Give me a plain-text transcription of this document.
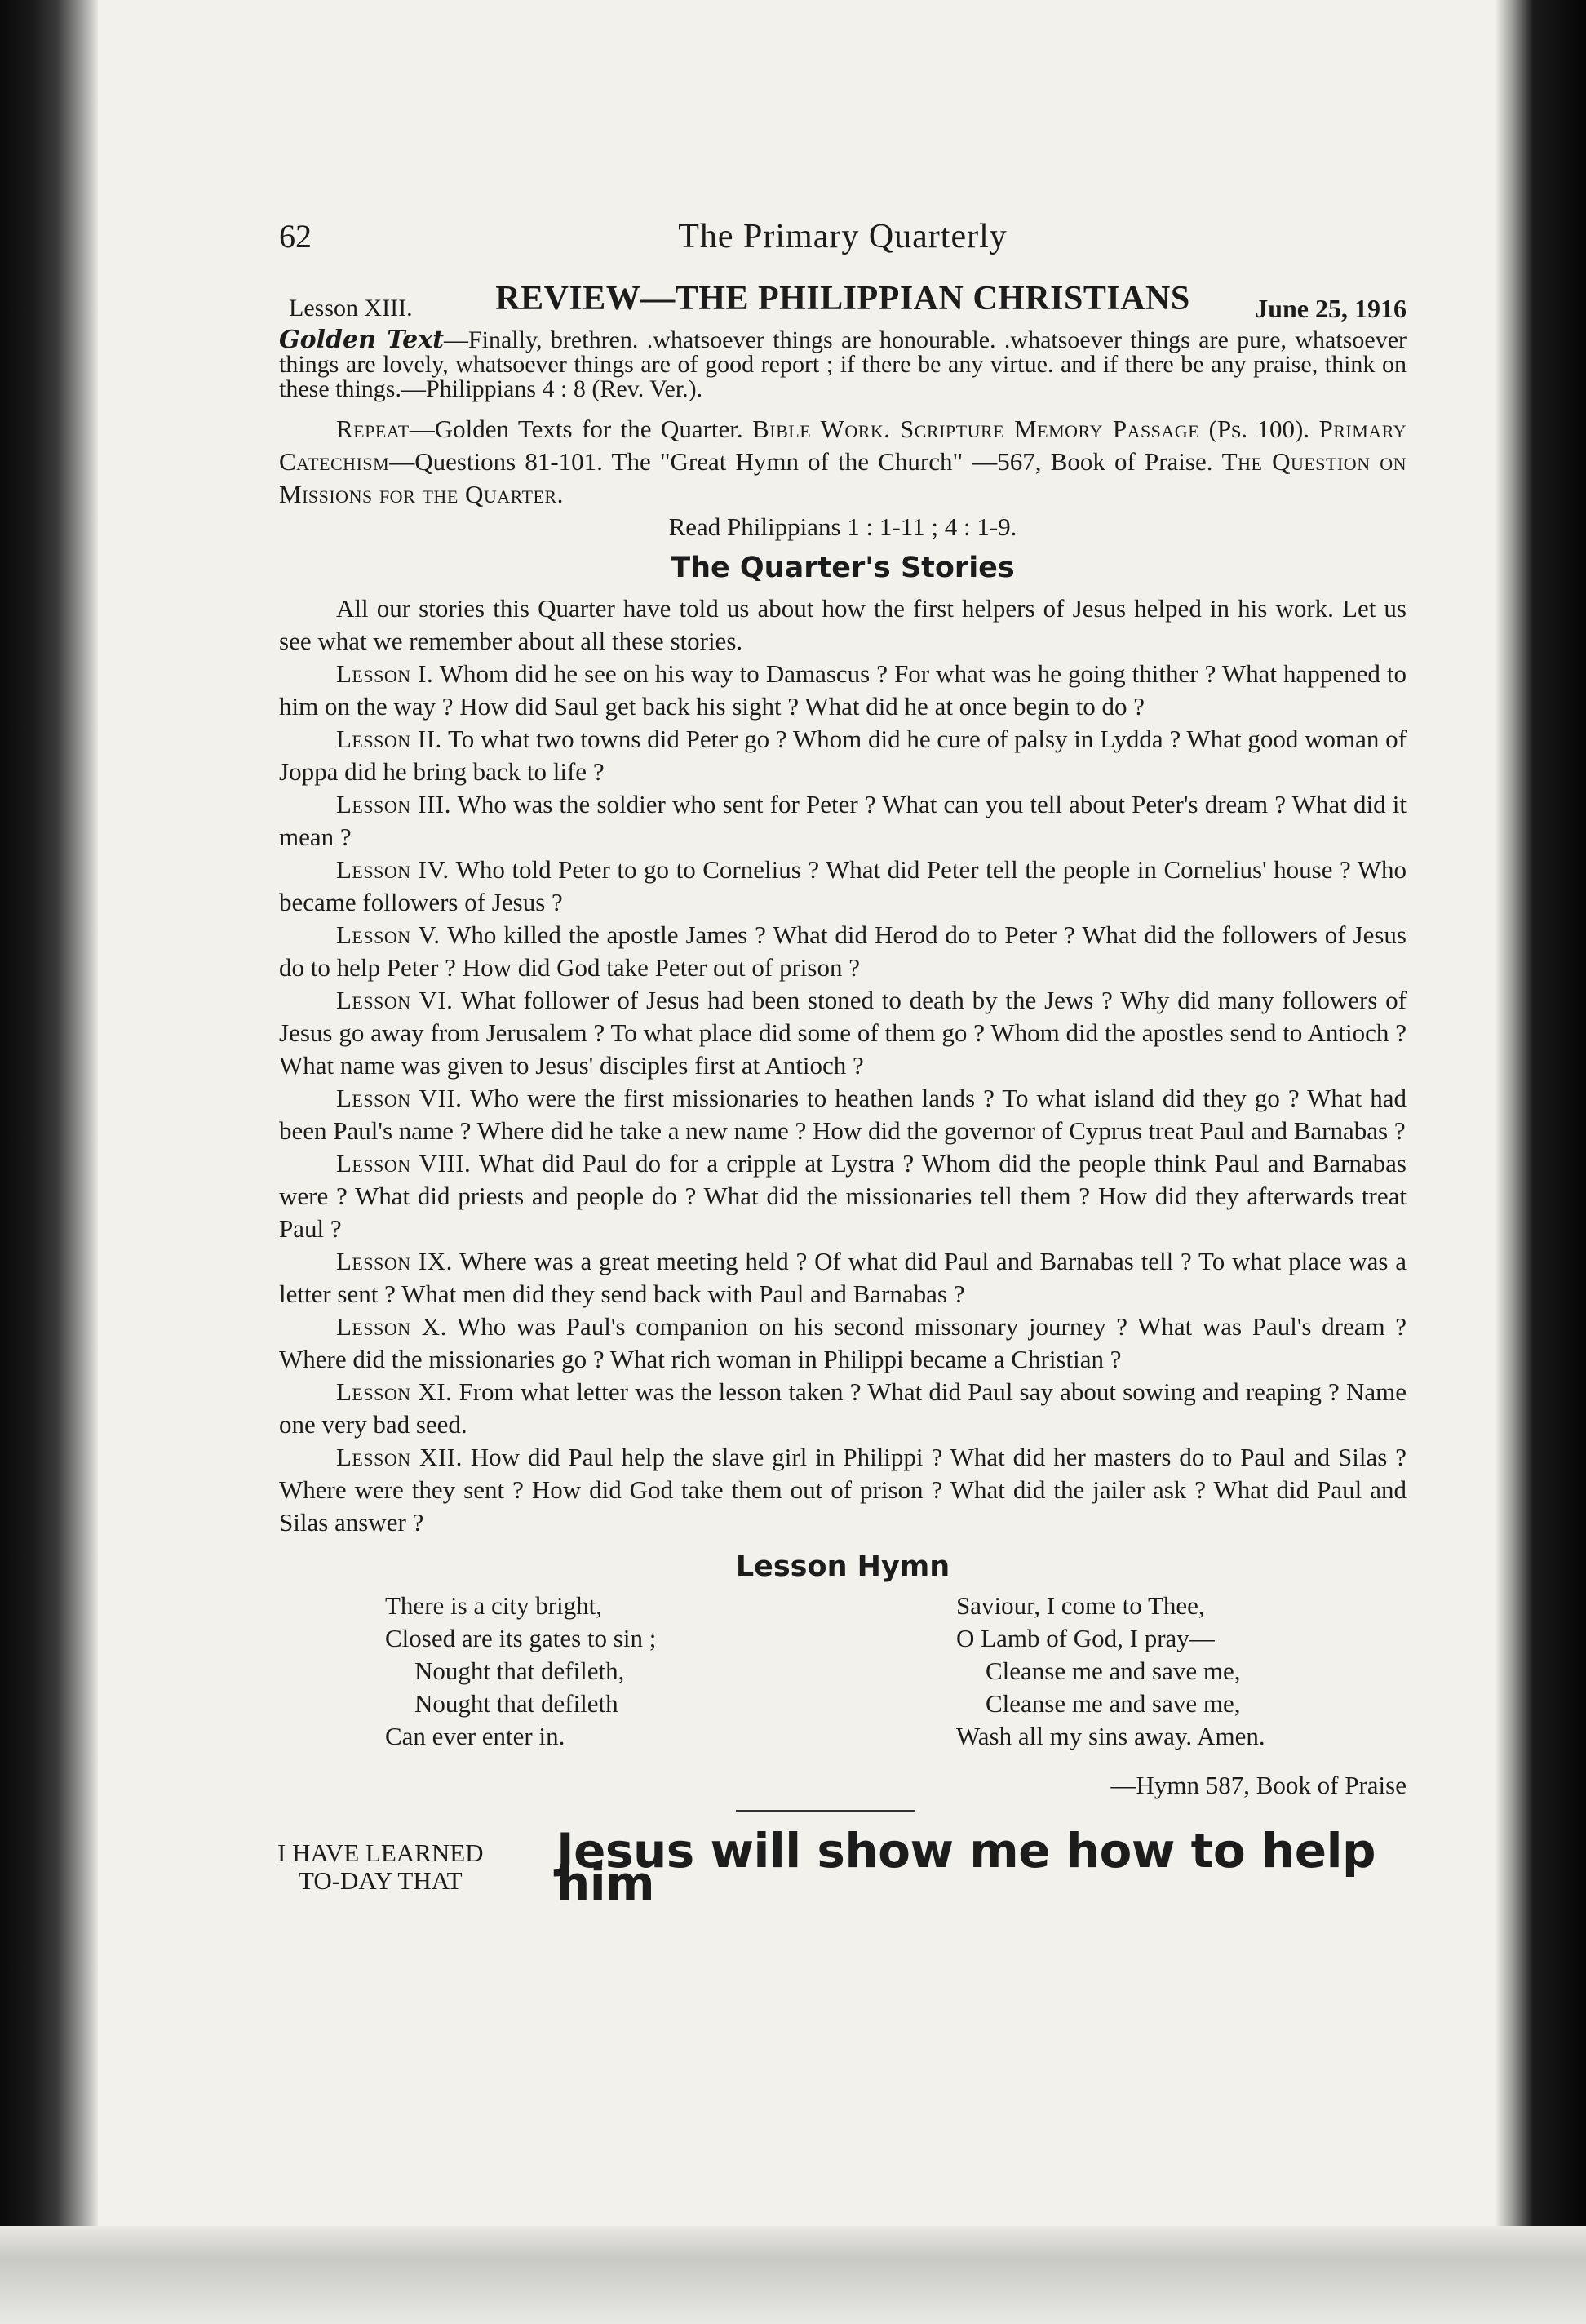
62	The Primary Quarterly
Lesson XIII.	REVIEW—THE PHILIPPIAN CHRISTIANS	June 25, 1916

Golden Text—Finally, brethren. .whatsoever things are honourable. .whatsoever things are pure, whatsoever things are lovely, whatsoever things are of good report ; if there be any virtue. and if there be any praise, think on these things.—Philippians 4 : 8 (Rev. Ver.).

Repeat—Golden Texts for the Quarter. Bible Work. Scripture Memory Passage (Ps. 100). Primary Catechism—Questions 81-101. The "Great Hymn of the Church" —567, Book of Praise. The Question on Missions for the Quarter.

Read Philippians 1 : 1-11 ; 4 : 1-9.
The Quarter's Stories

All our stories this Quarter have told us about how the first helpers of Jesus helped in his work. Let us see what we remember about all these stories.

Lesson I. Whom did he see on his way to Damascus ? For what was he going thither ? What happened to him on the way ? How did Saul get back his sight ? What did he at once begin to do ?

Lesson II. To what two towns did Peter go ? Whom did he cure of palsy in Lydda ? What good woman of Joppa did he bring back to life ?

Lesson III. Who was the soldier who sent for Peter ? What can you tell about Peter's dream ? What did it mean ?

Lesson IV. Who told Peter to go to Cornelius ? What did Peter tell the people in Cornelius' house ? Who became followers of Jesus ?

Lesson V. Who killed the apostle James ? What did Herod do to Peter ? What did the followers of Jesus do to help Peter ? How did God take Peter out of prison ?

Lesson VI. What follower of Jesus had been stoned to death by the Jews ? Why did many followers of Jesus go away from Jerusalem ? To what place did some of them go ? Whom did the apostles send to Antioch ? What name was given to Jesus' disciples first at Antioch ?

Lesson VII. Who were the first missionaries to heathen lands ? To what island did they go ? What had been Paul's name ? Where did he take a new name ? How did the governor of Cyprus treat Paul and Barnabas ?

Lesson VIII. What did Paul do for a cripple at Lystra ? Whom did the people think Paul and Barnabas were ? What did priests and people do ? What did the missionaries tell them ? How did they afterwards treat Paul ?

Lesson IX. Where was a great meeting held ? Of what did Paul and Barnabas tell ? To what place was a letter sent ? What men did they send back with Paul and Barnabas ?

Lesson X. Who was Paul's companion on his second missonary journey ? What was Paul's dream ? Where did the missionaries go ? What rich woman in Philippi became a Christian ?

Lesson XI. From what letter was the lesson taken ? What did Paul say about sowing and reaping ? Name one very bad seed.

Lesson XII. How did Paul help the slave girl in Philippi ? What did her masters do to Paul and Silas ? Where were they sent ? How did God take them out of prison ? What did the jailer ask ? What did Paul and Silas answer ?

Lesson Hymn
There is a city bright,
Closed are its gates to sin ;
Nought that defileth,
Nought that defileth
Can ever enter in.
Saviour, I come to Thee,
O Lamb of God, I pray—
Cleanse me and save me,
Cleanse me and save me,
Wash all my sins away. Amen.
—Hymn 587, Book of Praise
I HAVE LEARNED
TO-DAY THAT
Jesus will show me how to help him
